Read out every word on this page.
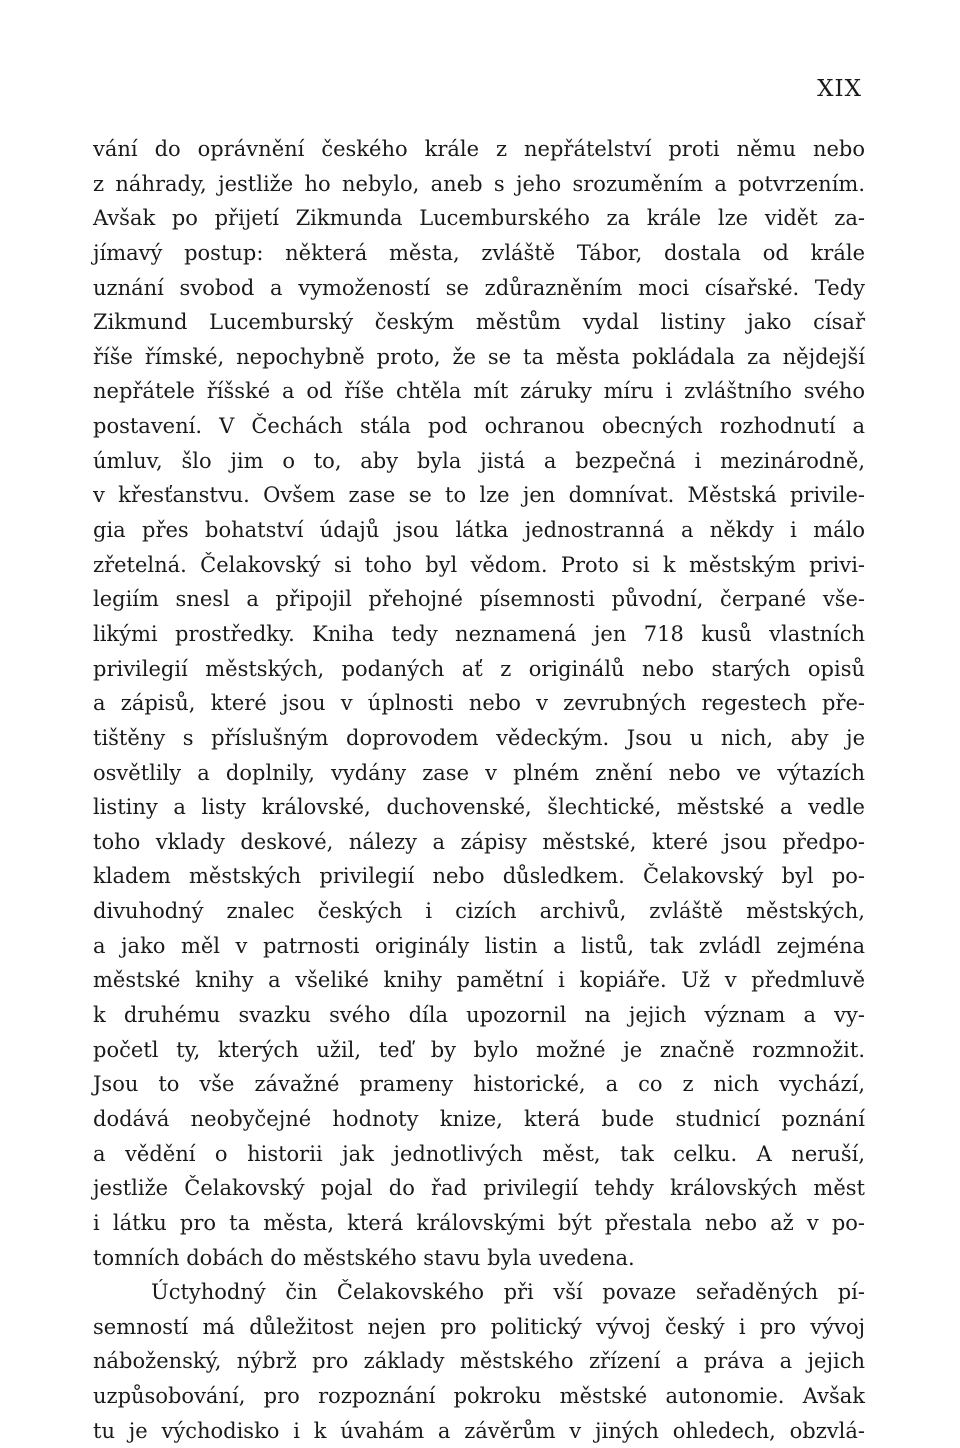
XIX
vání do oprávnění českého krále z nepřátelství proti němu nebo
z náhrady, jestliže ho nebylo, aneb s jeho srozuměním a potvrzením.
Avšak po přijetí Zikmunda Lucemburského za krále lze vidět za-
jímavý postup: některá města, zvláště Tábor, dostala od krále
uznání svobod a vymožeností se zdůrazněním moci císařské. Tedy
Zikmund Lucemburský českým městům vydal listiny jako císař
říše římské, nepochybně proto, že se ta města pokládala za nějdejší
nepřátele říšské a od říše chtěla mít záruky míru i zvláštního svého
postavení. V Čechách stála pod ochranou obecných rozhodnutí a
úmluv, šlo jim o to, aby byla jistá a bezpečná i mezinárodně,
v křesťanstvu. Ovšem zase se to lze jen domnívat. Městská privile-
gia přes bohatství údajů jsou látka jednostranná a někdy i málo
zřetelná. Čelakovský si toho byl vědom. Proto si k městským privi-
legiím snesl a připojil přehojné písemnosti původní, čerpané vše-
likými prostředky. Kniha tedy neznamená jen 718 kusů vlastních
privilegií městských, podaných ať z originálů nebo starých opisů
a zápisů, které jsou v úplnosti nebo v zevrubných regestech pře-
tištěny s příslušným doprovodem vědeckým. Jsou u nich, aby je
osvětlily a doplnily, vydány zase v plném znění nebo ve výtazích
listiny a listy královské, duchovenské, šlechtické, městské a vedle
toho vklady deskové, nálezy a zápisy městské, které jsou předpo-
kladem městských privilegií nebo důsledkem. Čelakovský byl po-
divuhodný znalec českých i cizích archivů, zvláště městských,
a jako měl v patrnosti originály listin a listů, tak zvládl zejména
městské knihy a všeliké knihy pamětní i kopiáře. Už v předmluvě
k druhému svazku svého díla upozornil na jejich význam a vy-
početl ty, kterých užil, teď by bylo možné je značně rozmnožit.
Jsou to vše závažné prameny historické, a co z nich vychází,
dodává neobyčejné hodnoty knize, která bude studnicí poznání
a vědění o historii jak jednotlivých měst, tak celku. A neruší,
jestliže Čelakovský pojal do řad privilegií tehdy královských měst
i látku pro ta města, která královskými být přestala nebo až v po-
tomních dobách do městského stavu byla uvedena.
Úctyhodný čin Čelakovského při vší povaze seřaděných pí-
semností má důležitost nejen pro politický vývoj český i pro vývoj
náboženský, nýbrž pro základy městského zřízení a práva a jejich
uzpůsobování, pro rozpoznání pokroku městské autonomie. Avšak
tu je východisko i k úvahám a závěrům v jiných ohledech, obzvlá-
